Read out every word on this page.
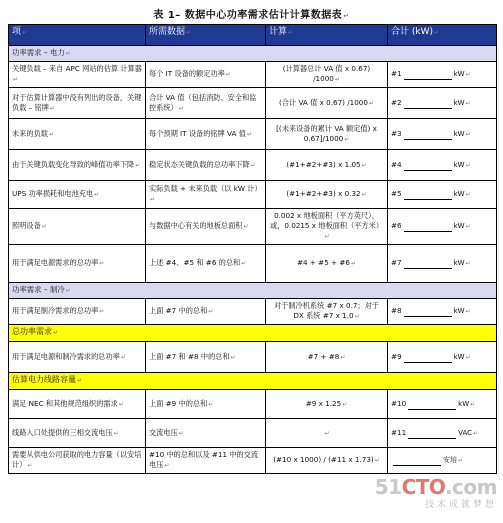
表 1– 数据中心功率需求估计计算数据表↵
项↵	所需数据↵	计算↵	合计 (kW)↵
功率需求 – 电力↵			
关键负载 – 来自 APC 网站的估算 计算器↵	每个 IT 设备的额定功率↵	(计算器总计 VA 值 x 0.67) /1000↵	#1 kW↵
对于估算计算器中没有列出的设备，关键负载 – 铭牌↵	合计 VA 值（包括消防、安全和监控系统）↵	(合计 VA 值 x 0.67) /1000↵	#2 kW↵
未来的负载↵	每个预期 IT 设备的铭牌 VA 值↵	[(未来设备的累计 VA 额定值) x 0.67]/1000↵	#3 kW↵
由于关键负载变化导致的峰值功率下降↵	稳定状态关键负载的总功率下降↵	(#1+#2+#3) x 1.05↵	#4 kW↵
UPS 功率损耗和电池充电↵	实际负载 + 未来负载（以 kW 计）↵	(#1+#2+#3) x 0.32↵	#5 kW↵
照明设备↵	与数据中心有关的地板总面积↵	0.002 x 地板面积（平方英尺），或，0.0215 x 地板面积（平方米）↵	#6 kW↵
用于满足电源需求的总功率↵	上述 #4、#5 和 #6 的总和↵	#4 + #5 + #6↵	#7 kW↵
功率需求 – 制冷↵			
用于满足制冷需求的总功率↵	上面 #7 中的总和↵	对于制冷机系统 #7 x 0.7；对于 DX 系统 #7 x 1.0↵	#8 kW↵
总功率需求↵			
用于满足电源和制冷需求的总功率↵	上面 #7 和 #8 中的总和↵	#7 + #8↵	#9 kW↵
估算电力线路容量↵			
满足 NEC 和其他规范组织的需求↵	上面 #9 中的总和↵	#9 x 1.25↵	#10 kW↵
线路入口处提供的三相交流电压↵	交流电压↵	↵	#11 VAC↵
需要从供电公司获取的电力容量（以安培计）↵	#10 中的总和以及 #11 中的交流电压↵	(#10 x 1000) / (#11 x 1.73)↵	安培↵
51CTO.com
技术成就梦想
